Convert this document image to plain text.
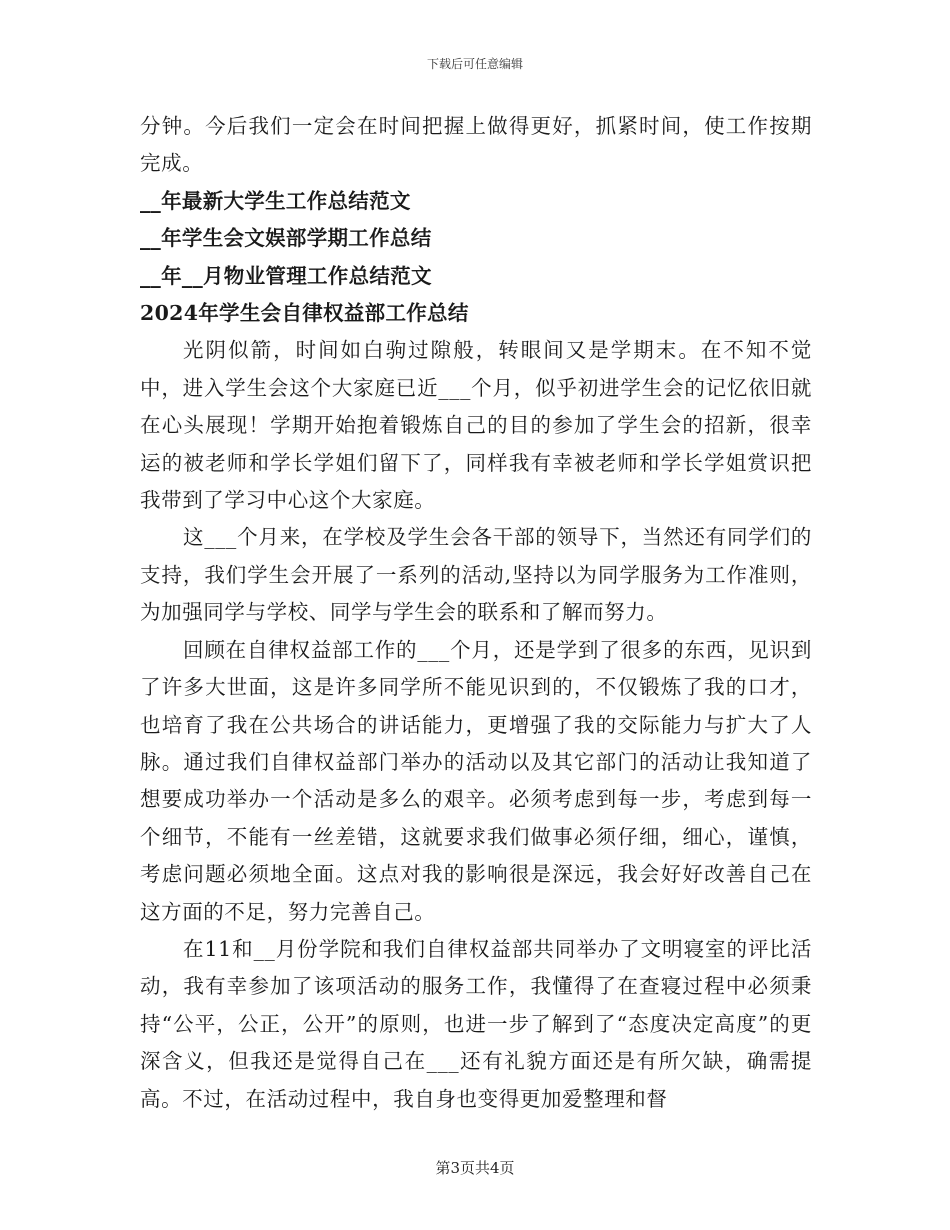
下载后可任意编辑

分钟。今后我们一定会在时间把握上做得更好，抓紧时间，使工作按期完成。

__年最新大学生工作总结范文

__年学生会文娱部学期工作总结

__年__月物业管理工作总结范文

2024年学生会自律权益部工作总结

光阴似箭，时间如白驹过隙般，转眼间又是学期末。在不知不觉中，进入学生会这个大家庭已近___个月，似乎初进学生会的记忆依旧就在心头展现！学期开始抱着锻炼自己的目的参加了学生会的招新，很幸运的被老师和学长学姐们留下了，同样我有幸被老师和学长学姐赏识把我带到了学习中心这个大家庭。

这___个月来，在学校及学生会各干部的领导下，当然还有同学们的支持，我们学生会开展了一系列的活动,坚持以为同学服务为工作准则，为加强同学与学校、同学与学生会的联系和了解而努力。

回顾在自律权益部工作的___个月，还是学到了很多的东西，见识到了许多大世面，这是许多同学所不能见识到的，不仅锻炼了我的口才，也培育了我在公共场合的讲话能力，更增强了我的交际能力与扩大了人脉。通过我们自律权益部门举办的活动以及其它部门的活动让我知道了想要成功举办一个活动是多么的艰辛。必须考虑到每一步，考虑到每一个细节，不能有一丝差错，这就要求我们做事必须仔细，细心，谨慎，考虑问题必须地全面。这点对我的影响很是深远，我会好好改善自己在这方面的不足，努力完善自己。

在11和__月份学院和我们自律权益部共同举办了文明寝室的评比活动，我有幸参加了该项活动的服务工作，我懂得了在查寝过程中必须秉持“公平，公正，公开”的原则，也进一步了解到了“态度决定高度”的更深含义，但我还是觉得自己在___还有礼貌方面还是有所欠缺，确需提高。不过，在活动过程中，我自身也变得更加爱整理和督

第3页共4页
